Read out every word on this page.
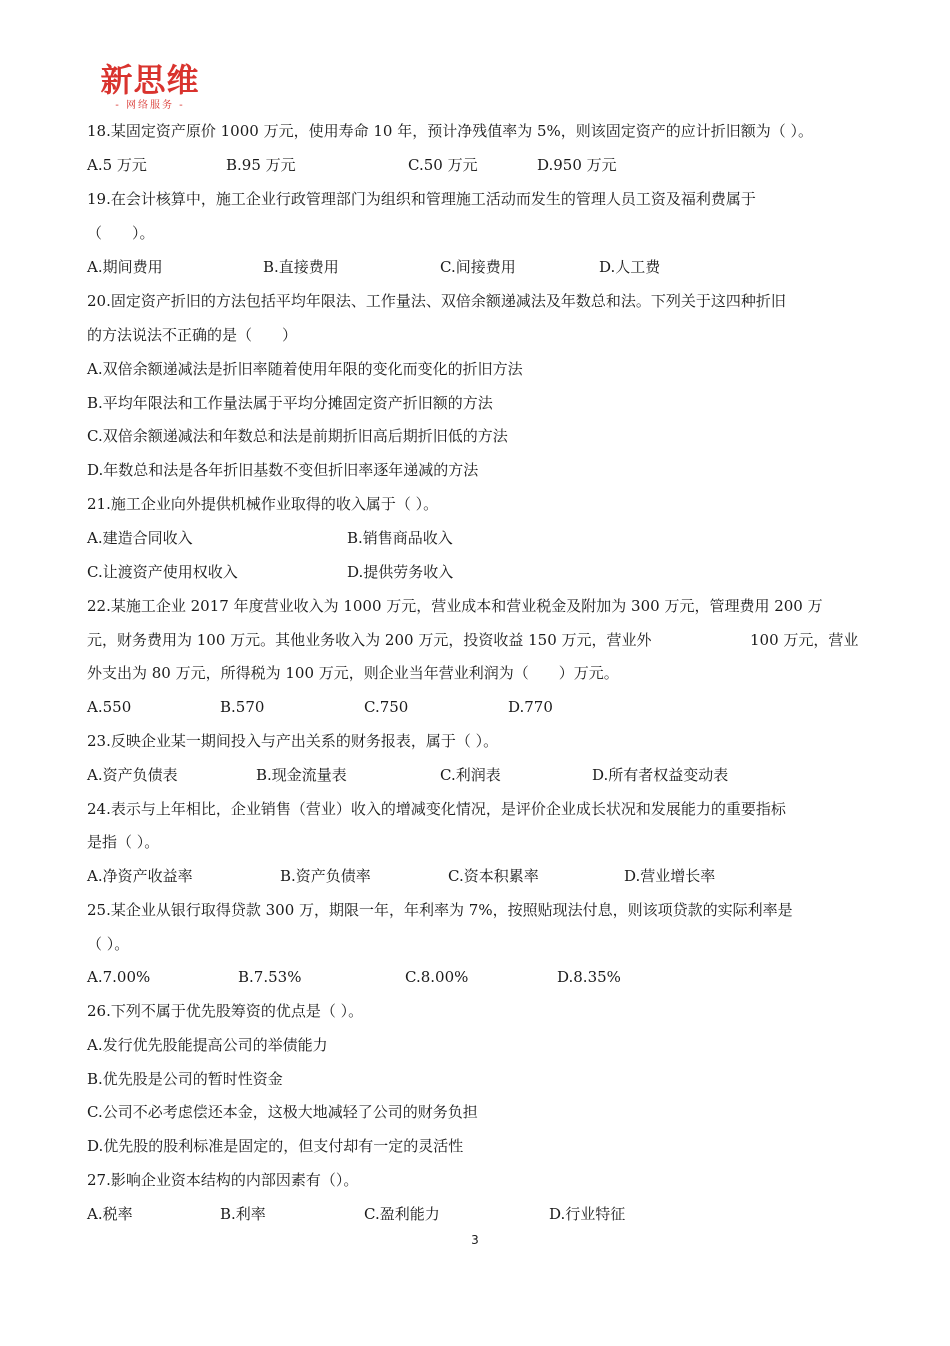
新思维
- 网络服务 -
18.某固定资产原价 1000 万元，使用寿命 10 年，预计净残值率为 5%，则该固定资产的应计折旧额为（ ）。
A.5 万元	B.95 万元	C.50 万元	D.950 万元
19.在会计核算中，施工企业行政管理部门为组织和管理施工活动而发生的管理人员工资及福利费属于
（　　）。
A.期间费用	B.直接费用	C.间接费用	D.人工费
20.固定资产折旧的方法包括平均年限法、工作量法、双倍余额递减法及年数总和法。下列关于这四种折旧
的方法说法不正确的是（　　）
A.双倍余额递减法是折旧率随着使用年限的变化而变化的折旧方法
B.平均年限法和工作量法属于平均分摊固定资产折旧额的方法
C.双倍余额递减法和年数总和法是前期折旧高后期折旧低的方法
D.年数总和法是各年折旧基数不变但折旧率逐年递减的方法
21.施工企业向外提供机械作业取得的收入属于（ ）。
A.建造合同收入	B.销售商品收入
C.让渡资产使用权收入	D.提供劳务收入
22.某施工企业 2017 年度营业收入为 1000 万元，营业成本和营业税金及附加为 300 万元，管理费用 200 万
元，财务费用为 100 万元。其他业务收入为 200 万元，投资收益 150 万元，营业外	100 万元，营业
外支出为 80 万元，所得税为 100 万元，则企业当年营业利润为（　　）万元。
A.550	B.570	C.750	D.770
23.反映企业某一期间投入与产出关系的财务报表，属于（ ）。
A.资产负债表	B.现金流量表	C.利润表	D.所有者权益变动表
24.表示与上年相比，企业销售（营业）收入的增减变化情况，是评价企业成长状况和发展能力的重要指标
是指（ ）。
A.净资产收益率	B.资产负债率	C.资本积累率	D.营业增长率
25.某企业从银行取得贷款 300 万，期限一年，年利率为 7%，按照贴现法付息，则该项贷款的实际利率是
（ ）。
A.7.00%	B.7.53%	C.8.00%	D.8.35%
26.下列不属于优先股筹资的优点是（ ）。
A.发行优先股能提高公司的举债能力
B.优先股是公司的暂时性资金
C.公司不必考虑偿还本金，这极大地减轻了公司的财务负担
D.优先股的股利标准是固定的，但支付却有一定的灵活性
27.影响企业资本结构的内部因素有（）。
A.税率	B.利率	C.盈利能力	D.行业特征
3
